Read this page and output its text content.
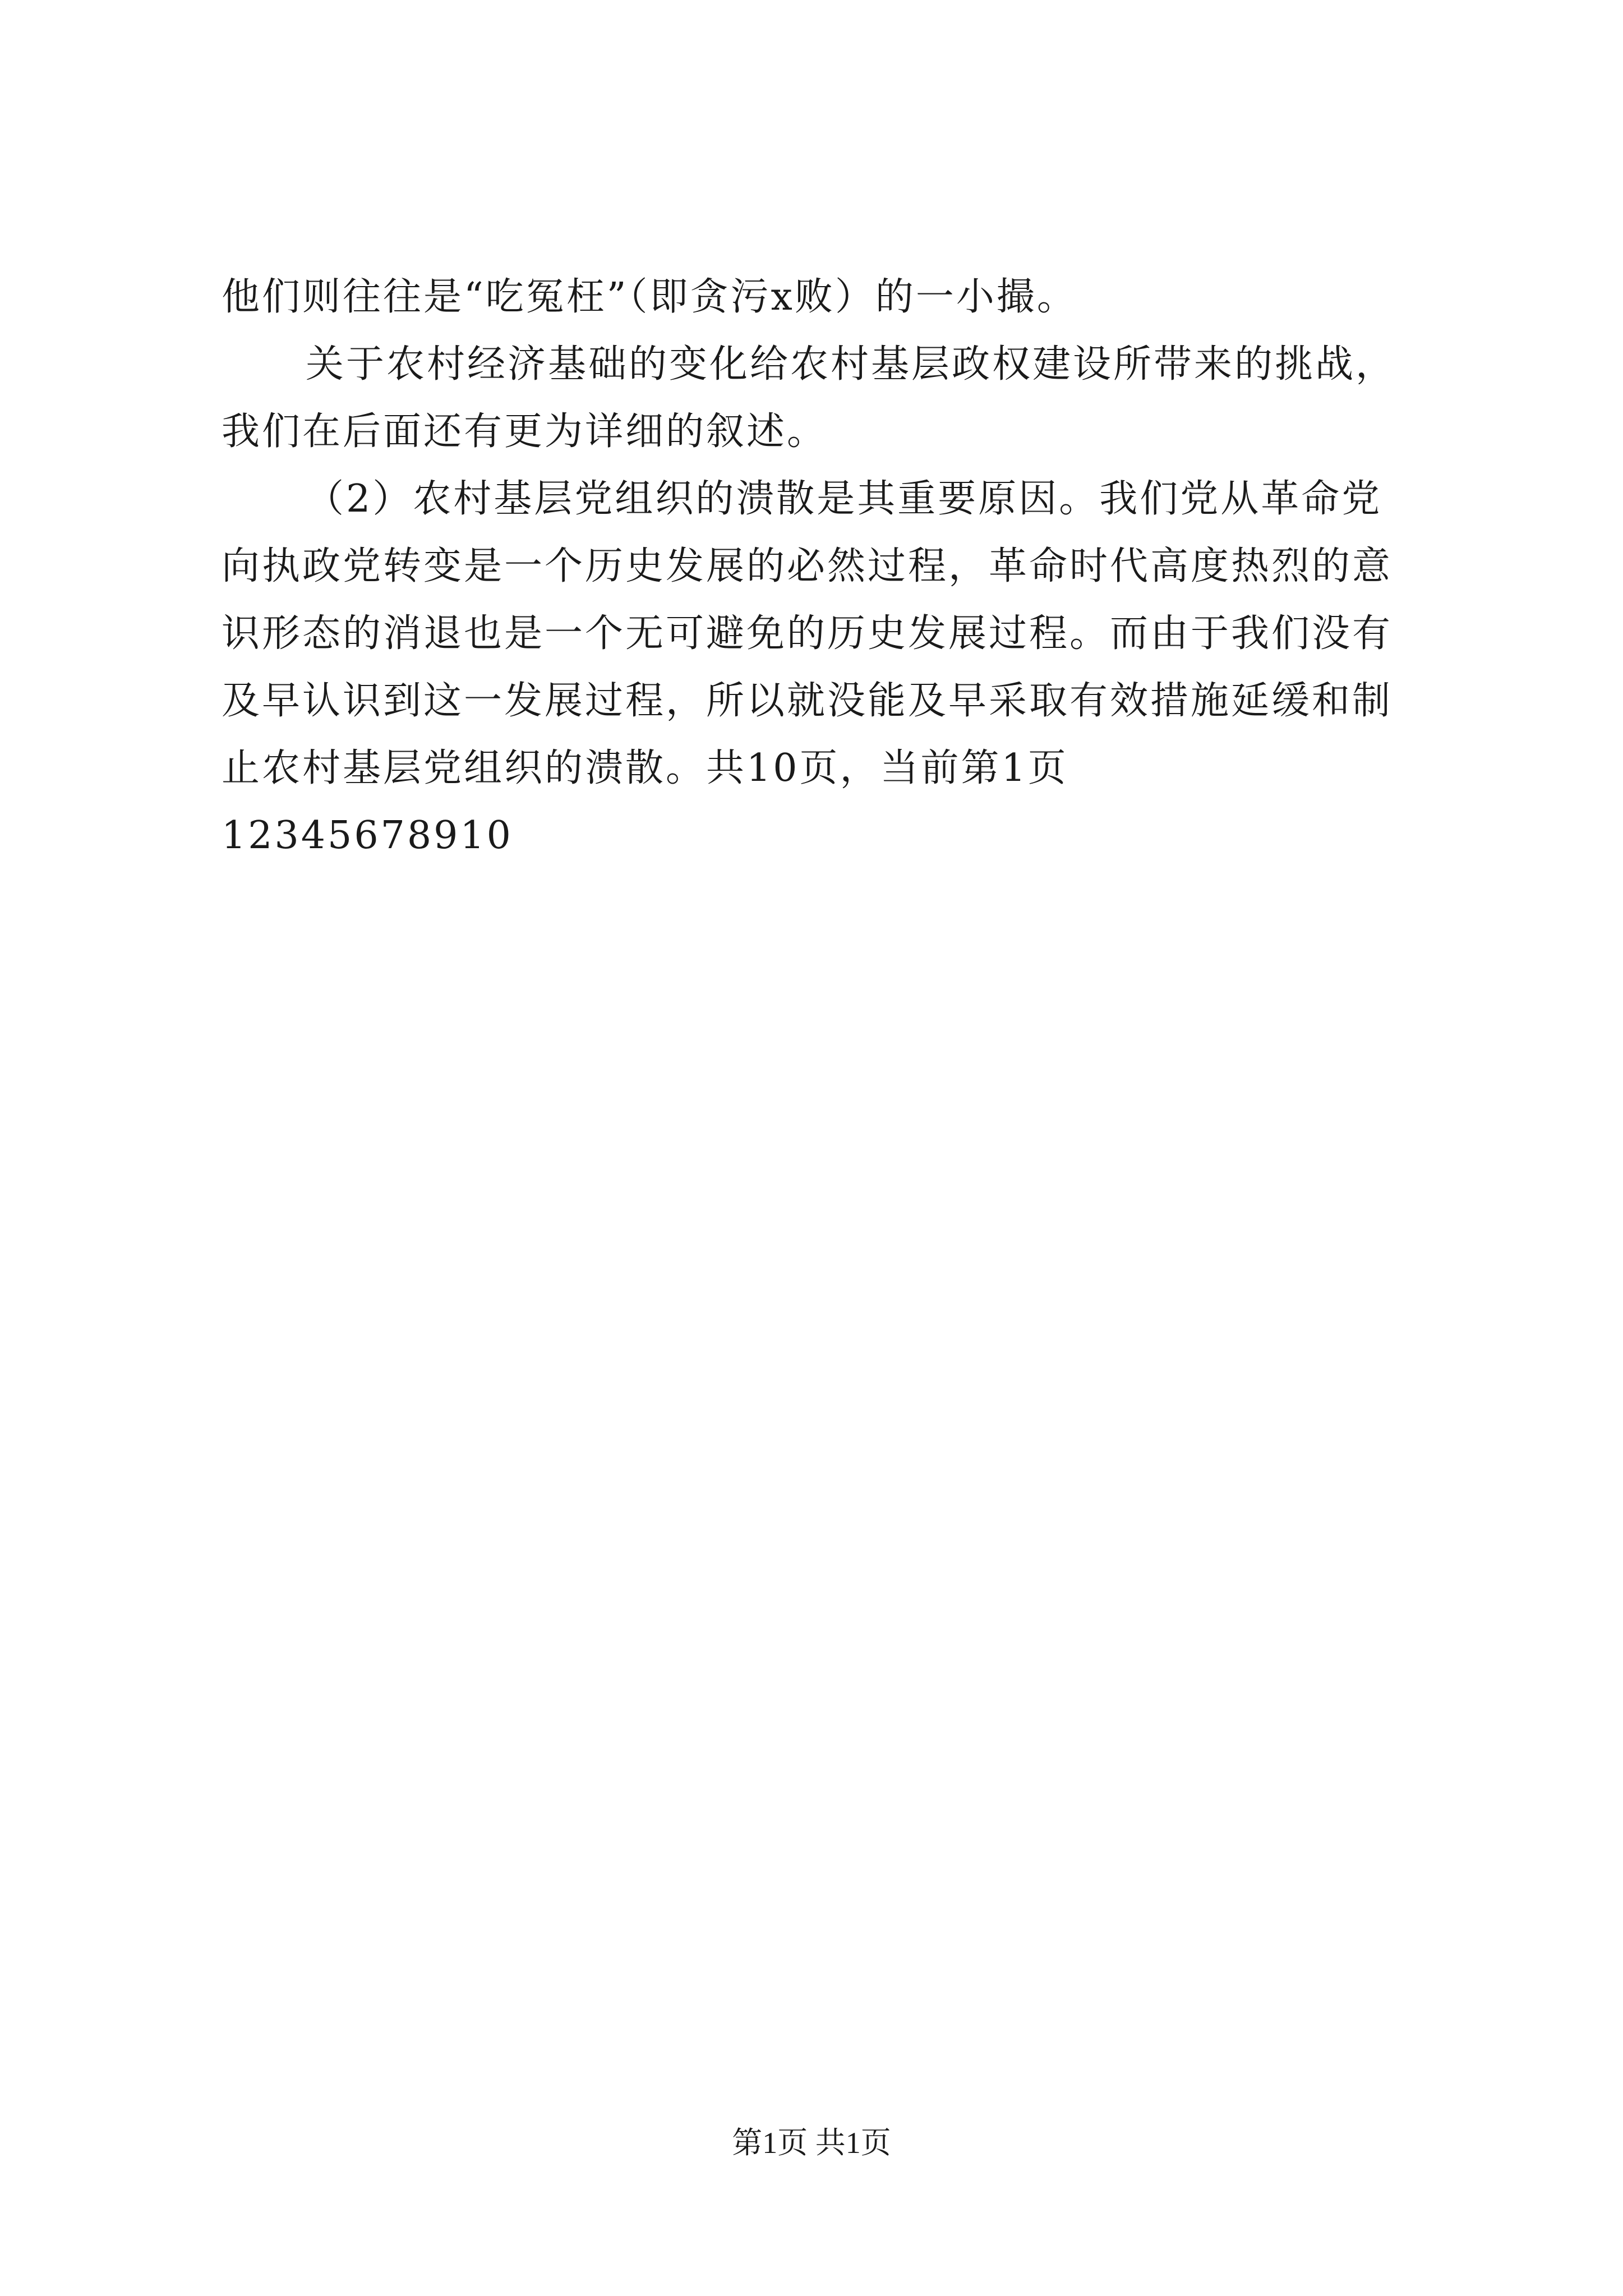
他们则往往是“吃冤枉”（即贪污x败）的一小撮。

关于农村经济基础的变化给农村基层政权建设所带来的挑战，我们在后面还有更为详细的叙述。

（2）农村基层党组织的溃散是其重要原因。我们党从革命党向执政党转变是一个历史发展的必然过程，革命时代高度热烈的意识形态的消退也是一个无可避免的历史发展过程。而由于我们没有及早认识到这一发展过程，所以就没能及早采取有效措施延缓和制止农村基层党组织的溃散。共10页，当前第1页

12345678910

第1页 共1页
